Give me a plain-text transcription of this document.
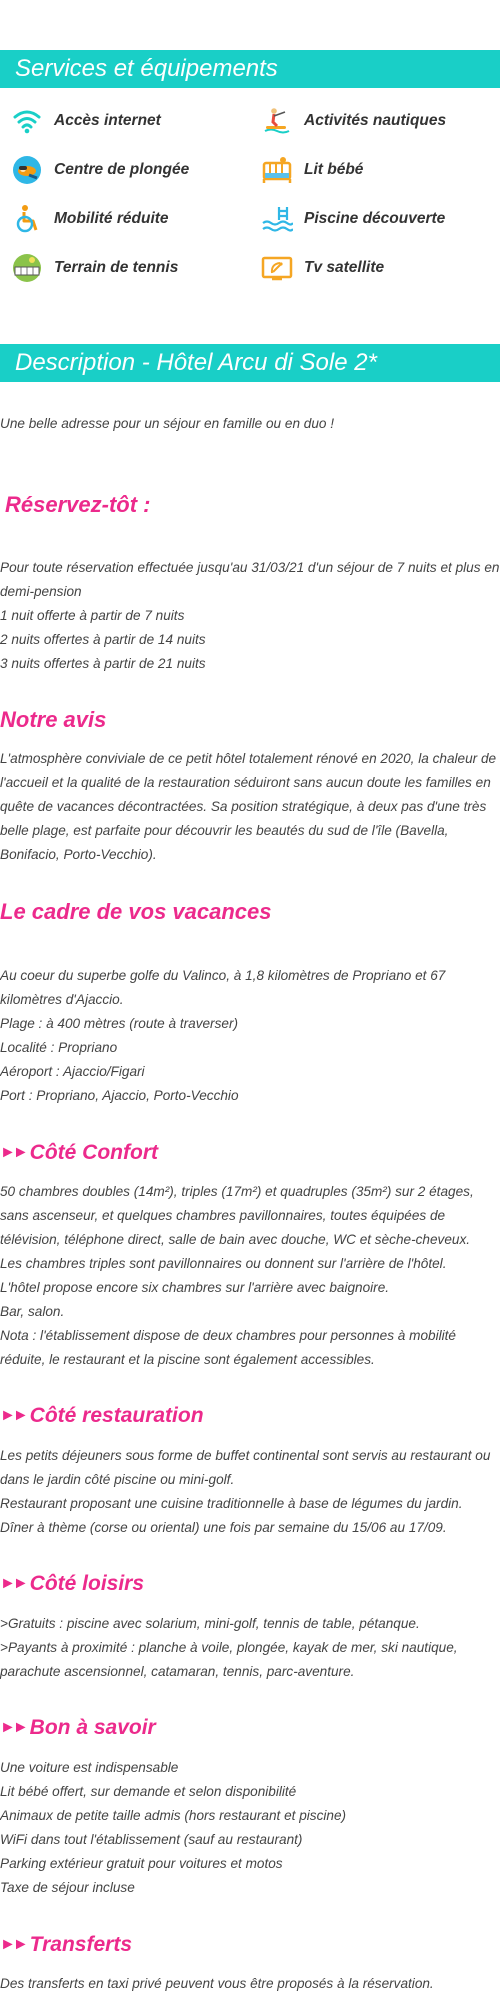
Services et équipements
Accès internet	Activités nautiques
Centre de plongée	Lit bébé
Mobilité réduite	Piscine découverte
Terrain de tennis	Tv satellite
Description - Hôtel Arcu di Sole 2*
Une belle adresse pour un séjour en famille ou en duo !
Réservez-tôt :

Pour toute réservation effectuée jusqu'au 31/03/21 d'un séjour de 7 nuits et plus en demi-pension

1 nuit offerte à partir de 7 nuits

2 nuits offertes à partir de 14 nuits

3 nuits offertes à partir de 21 nuits

Notre avis
L'atmosphère conviviale de ce petit hôtel totalement rénové en 2020, la chaleur de l'accueil et la qualité de la restauration séduiront sans aucun doute les familles en quête de vacances décontractées. Sa position stratégique, à deux pas d'une très belle plage, est parfaite pour découvrir les beautés du sud de l'île (Bavella, Bonifacio, Porto-Vecchio).
Le cadre de vos vacances

Au coeur du superbe golfe du Valinco, à 1,8 kilomètres de Propriano et 67 kilomètres d'Ajaccio.

Plage : à 400 mètres (route à traverser)

Localité : Propriano

Aéroport : Ajaccio/Figari

Port : Propriano, Ajaccio, Porto-Vecchio

►► Côté Confort

50 chambres doubles (14m²), triples (17m²) et quadruples (35m²) sur 2 étages, sans ascenseur, et quelques chambres pavillonnaires, toutes équipées de télévision, téléphone direct, salle de bain avec douche, WC et sèche-cheveux.

Les chambres triples sont pavillonnaires ou donnent sur l'arrière de l'hôtel.

L'hôtel propose encore six chambres sur l'arrière avec baignoire.

Bar, salon.

Nota : l'établissement dispose de deux chambres pour personnes à mobilité réduite, le restaurant et la piscine sont également accessibles.

►► Côté restauration

Les petits déjeuners sous forme de buffet continental sont servis au restaurant ou dans le jardin côté piscine ou mini-golf.

Restaurant proposant une cuisine traditionnelle à base de légumes du jardin.

Dîner à thème (corse ou oriental) une fois par semaine du 15/06 au 17/09.

►► Côté loisirs

>Gratuits : piscine avec solarium, mini-golf, tennis de table, pétanque.

>Payants à proximité : planche à voile, plongée, kayak de mer, ski nautique, parachute ascensionnel, catamaran, tennis, parc-aventure.

►► Bon à savoir

Une voiture est indispensable

Lit bébé offert, sur demande et selon disponibilité

Animaux de petite taille admis (hors restaurant et piscine)

WiFi dans tout l'établissement (sauf au restaurant)

Parking extérieur gratuit pour voitures et motos

Taxe de séjour incluse

►► Transferts
Des transferts en taxi privé peuvent vous être proposés à la réservation.
